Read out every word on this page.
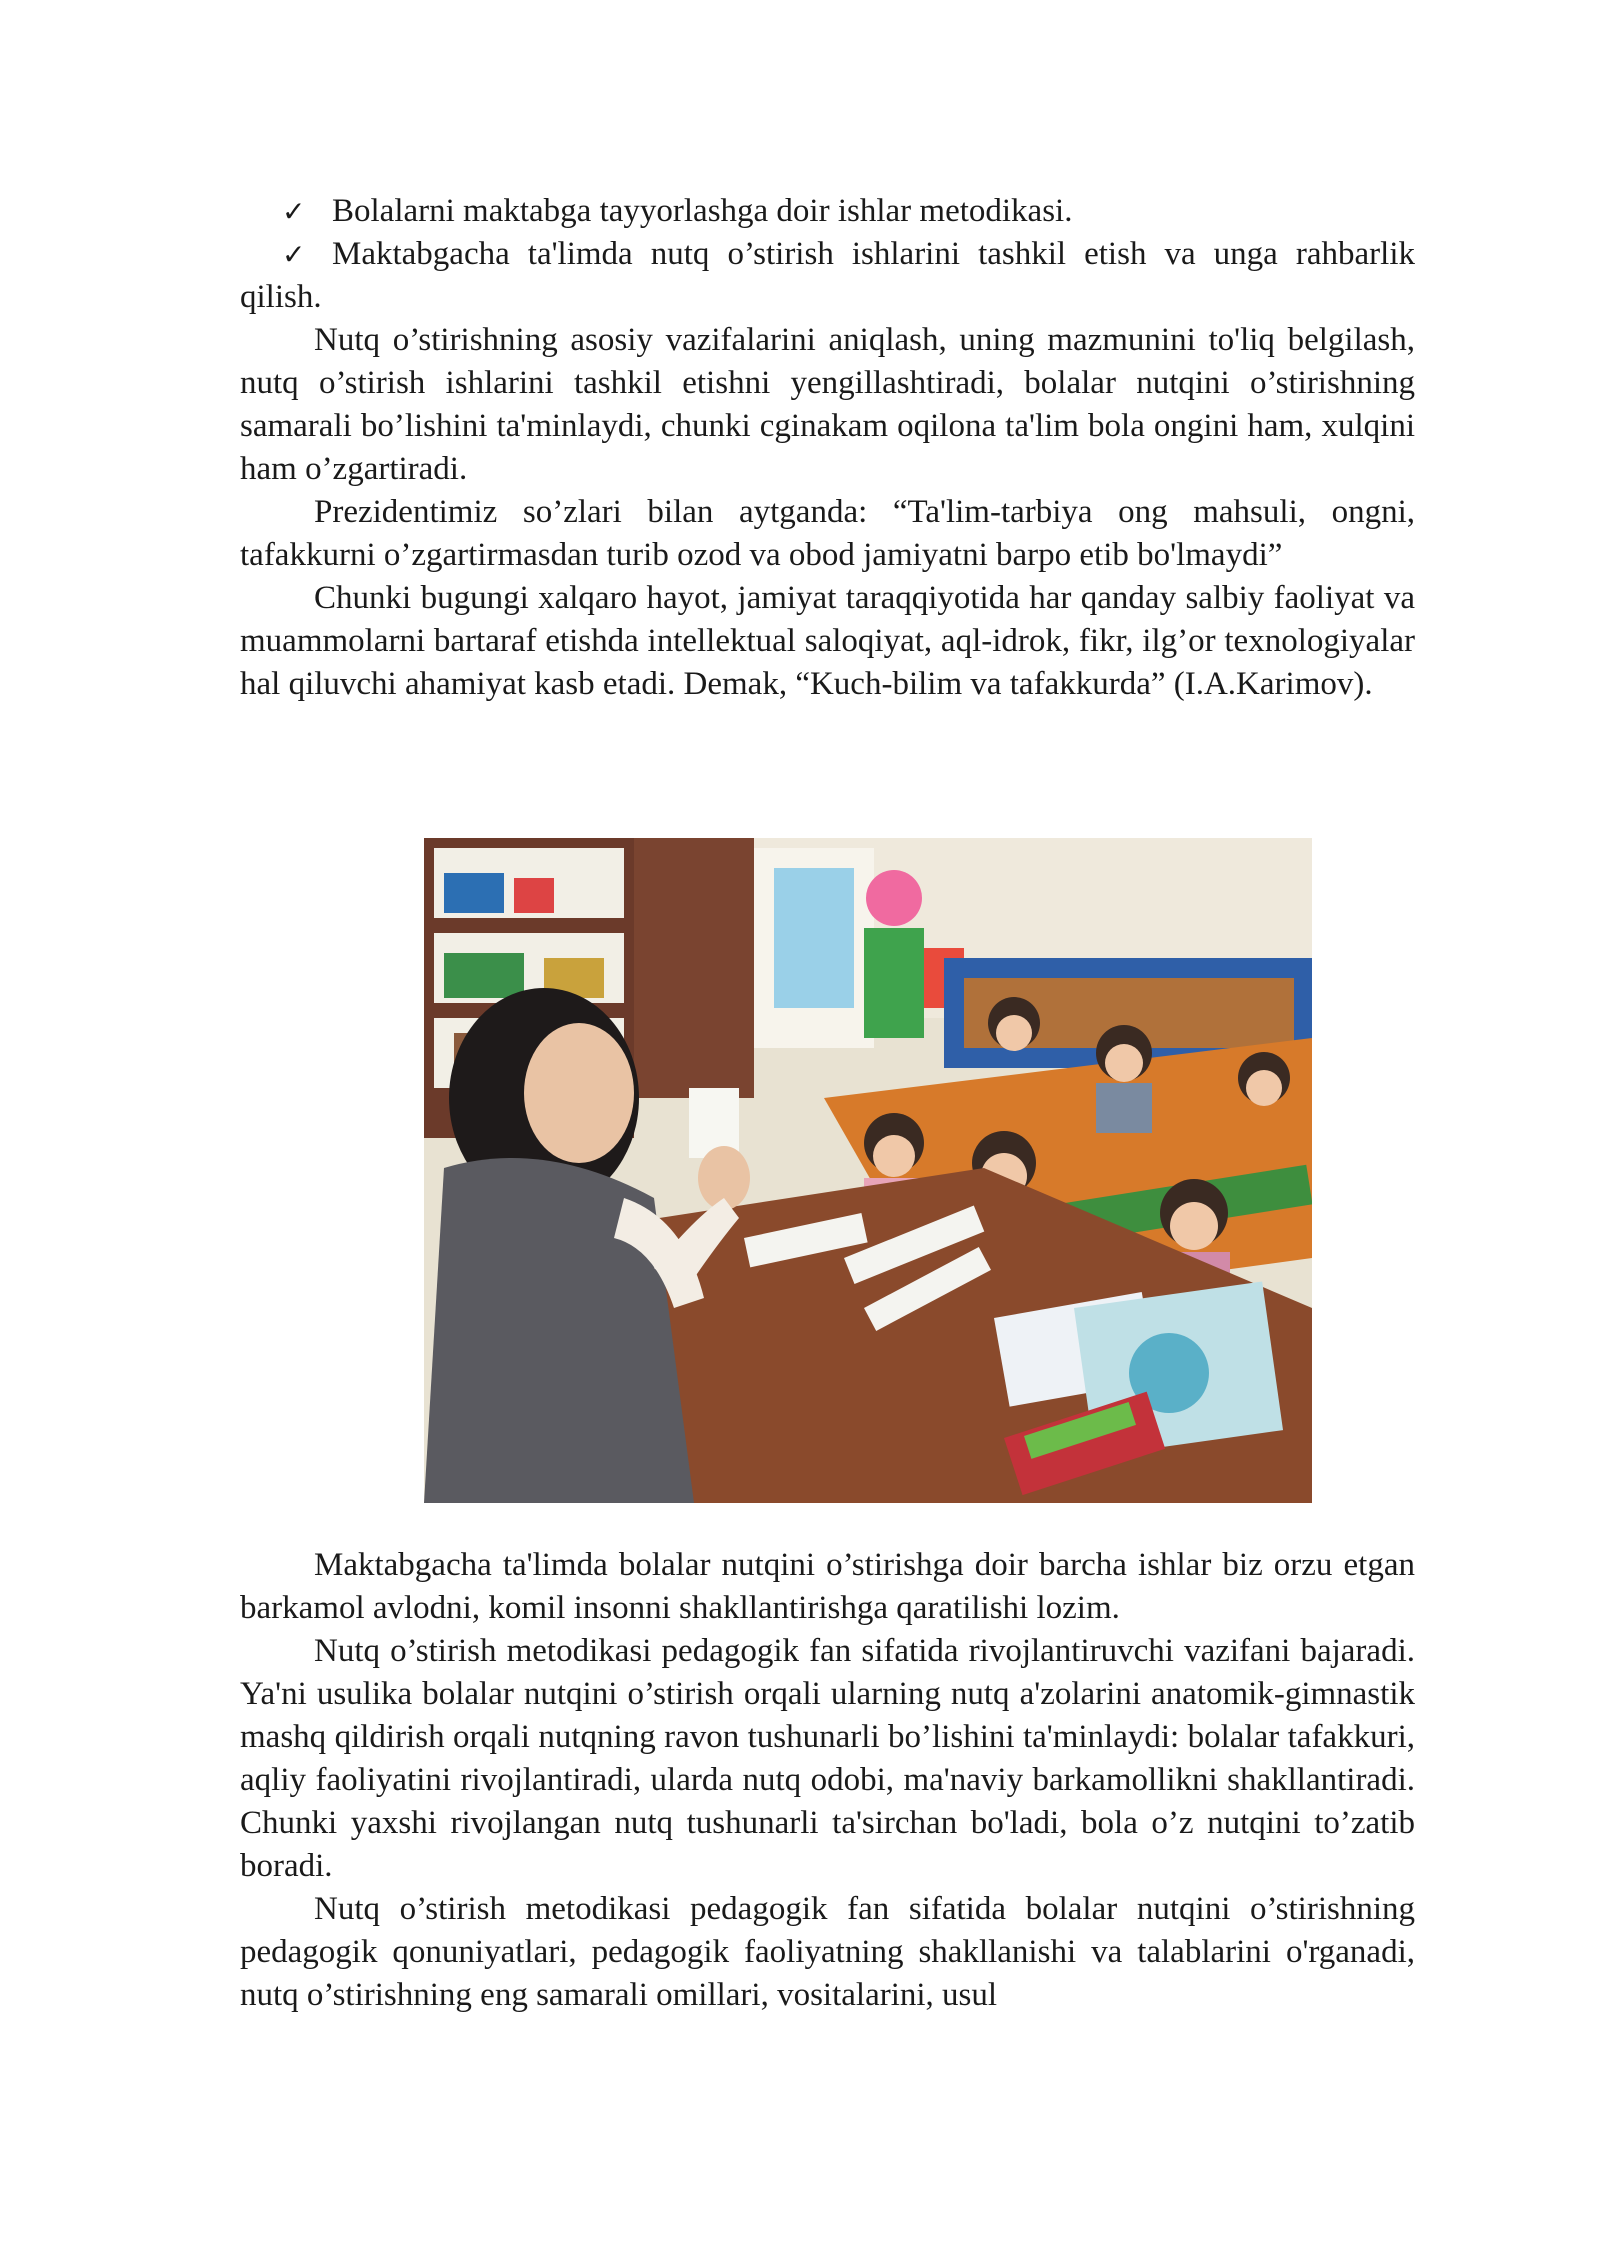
✓ Bolalarni maktabga tayyorlashga doir ishlar metodikasi.

✓ Maktabgacha ta'limda nutq o’stirish ishlarini tashkil etish va unga rahbarlik qilish.

Nutq o’stirishning asosiy vazifalarini aniqlash, uning mazmunini to'liq belgilash, nutq o’stirish ishlarini tashkil etishni yengillashtiradi, bolalar nutqini o’stirishning samarali bo’lishini ta'minlaydi, chunki cginakam oqilona ta'lim bola ongini ham, xulqini ham o’zgartiradi.

Prezidentimiz so’zlari bilan aytganda: “Ta'lim-tarbiya ong mahsuli, ongni, tafakkurni o’zgartirmasdan turib ozod va obod jamiyatni barpo etib bo'lmaydi”

Chunki bugungi xalqaro hayot, jamiyat taraqqiyotida har qanday salbiy faoliyat va muammolarni bartaraf etishda intellektual saloqiyat, aql-idrok, fikr, ilg’or texnologiyalar hal qiluvchi ahamiyat kasb etadi. Demak, “Kuch-bilim va tafakkurda” (I.A.Karimov).

Maktabgacha ta'limda bolalar nutqini o’stirishga doir barcha ishlar biz orzu etgan barkamol avlodni, komil insonni shakllantirishga qaratilishi lozim.

Nutq o’stirish metodikasi pedagogik fan sifatida rivojlantiruvchi vazifani bajaradi. Ya'ni usulika bolalar nutqini o’stirish orqali ularning nutq a'zolarini anatomik-gimnastik mashq qildirish orqali nutqning ravon tushunarli bo’lishini ta'minlaydi: bolalar tafakkuri, aqliy faoliyatini rivojlantiradi, ularda nutq odobi, ma'naviy barkamollikni shakllantiradi. Chunki yaxshi rivojlangan nutq tushunarli ta'sirchan bo'ladi, bola o’z nutqini to’zatib boradi.

Nutq o’stirish metodikasi pedagogik fan sifatida bolalar nutqini o’stirishning pedagogik qonuniyatlari, pedagogik faoliyatning shakllanishi va talablarini o'rganadi, nutq o’stirishning eng samarali omillari, vositalarini, usul
